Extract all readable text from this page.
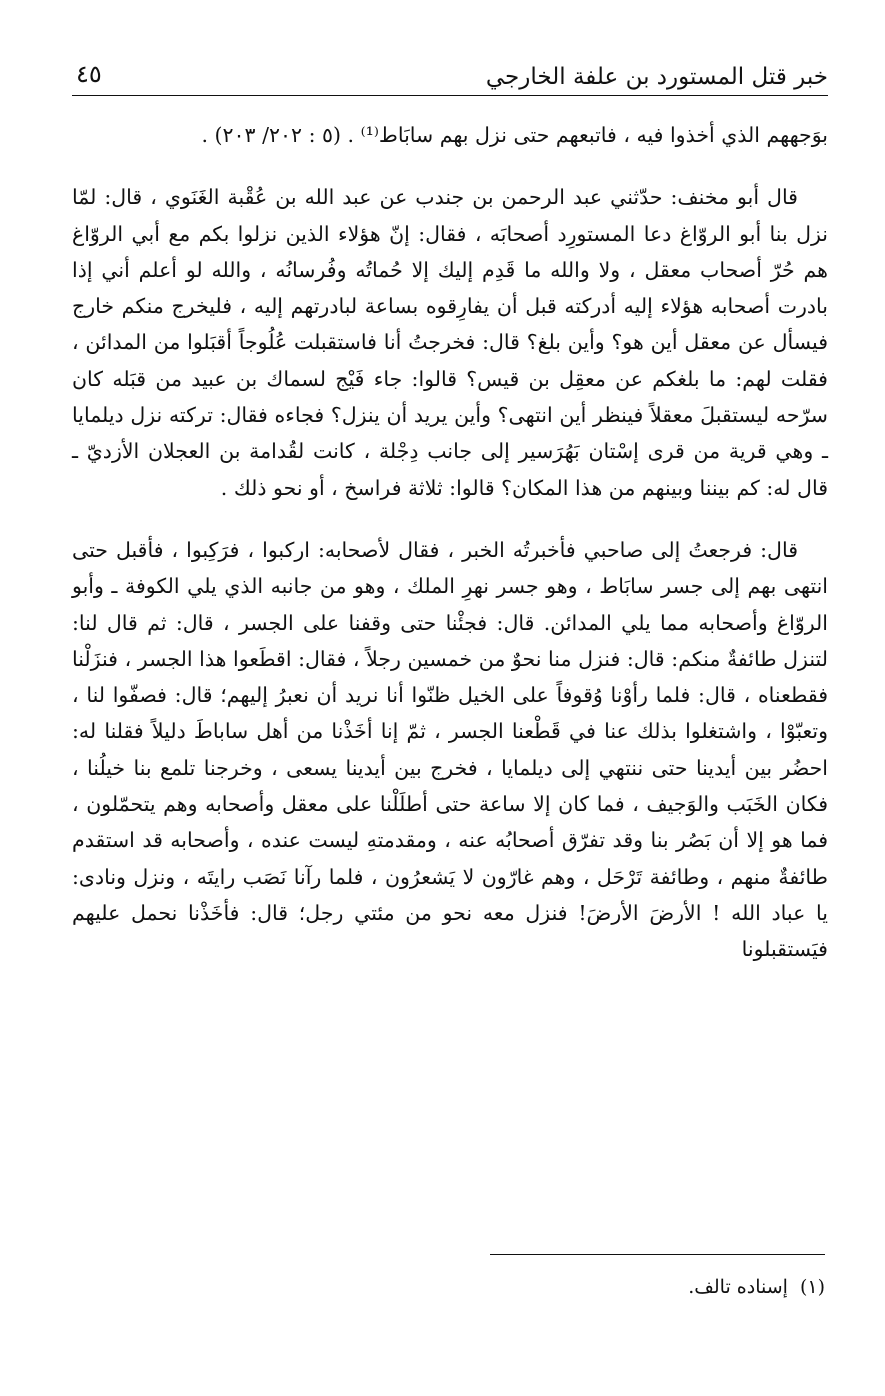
خبر قتل المستورد بن علفة الخارجي
٤٥

بوَجههم الذي أخذوا فيه ، فاتبعهم حتى نزل بهم سابَاط⁽¹⁾ . (٥ : ٢٠٢/ ٢٠٣) .

قال أبو مخنف: حدّثني عبد الرحمن بن جندب عن عبد الله بن عُقْبة الغَنَوي ، قال: لمّا نزل بنا أبو الروّاغ دعا المستورِد أصحابَه ، فقال: إنّ هؤلاء الذين نزلوا بكم مع أبي الروّاغ هم حُرّ أصحاب معقل ، ولا والله ما قَدِم إليك إلا حُماتُه وفُرسانُه ، والله لو أعلم أني إذا بادرت أصحابه هؤلاء إليه أدركته قبل أن يفارِقوه بساعة لبادرتهم إليه ، فليخرج منكم خارج فيسأل عن معقل أين هو؟ وأين بلغ؟ قال: فخرجتُ أنا فاستقبلت عُلُوجاً أقبَلوا من المدائن ، فقلت لهم: ما بلغكم عن معقِل بن قيس؟ قالوا: جاء فَيْج لسماك بن عبيد من قبَله كان سرّحه ليستقبلَ معقلاً فينظر أين انتهى؟ وأين يريد أن ينزل؟ فجاءه فقال: تركته نزل ديلمايا ـ وهي قرية من قرى إسْتان بَهُرَسير إلى جانب دِجْلة ، كانت لقُدامة بن العجلان الأزديّ ـ قال له: كم بيننا وبينهم من هذا المكان؟ قالوا: ثلاثة فراسخ ، أو نحو ذلك .

قال: فرجعتُ إلى صاحبي فأخبرتُه الخبر ، فقال لأصحابه: اركبوا ، فرَكِبوا ، فأقبل حتى انتهى بهم إلى جسر سابَاط ، وهو جسر نهرِ الملك ، وهو من جانبه الذي يلي الكوفة ـ وأبو الروّاغ وأصحابه مما يلي المدائن. قال: فجئْنا حتى وقفنا على الجسر ، قال: ثم قال لنا: لتنزل طائفةٌ منكم: قال: فنزل منا نحوٌ من خمسين رجلاً ، فقال: اقطَعوا هذا الجسر ، فنزَلْنا فقطعناه ، قال: فلما رأوْنا وُقوفاً على الخيل ظنّوا أنا نريد أن نعبرُ إليهم؛ قال: فصفّوا لنا ، وتعبّوْا ، واشتغلوا بذلك عنا في قَطْعنا الجسر ، ثمّ إنا أخَذْنا من أهل ساباطَ دليلاً فقلنا له: احضُر بين أيدينا حتى ننتهي إلى ديلمايا ، فخرج بين أيدينا يسعى ، وخرجنا تلمع بنا خيلُنا ، فكان الخَبَب والوَجيف ، فما كان إلا ساعة حتى أطلَلْنا على معقل وأصحابه وهم يتحمّلون ، فما هو إلا أن بَصُر بنا وقد تفرّق أصحابُه عنه ، ومقدمتهِ ليست عنده ، وأصحابه قد استقدم طائفةٌ منهم ، وطائفة تَرْحَل ، وهم غارّون لا يَشعرُون ، فلما رآنا نَصَب رايتَه ، ونزل ونادى: يا عباد الله ! الأرضَ الأرضَ! فنزل معه نحو من مئتي رجل؛ قال: فأخَذْنا نحمل عليهم فيَستقبلونا

(١)إسناده تالف.
